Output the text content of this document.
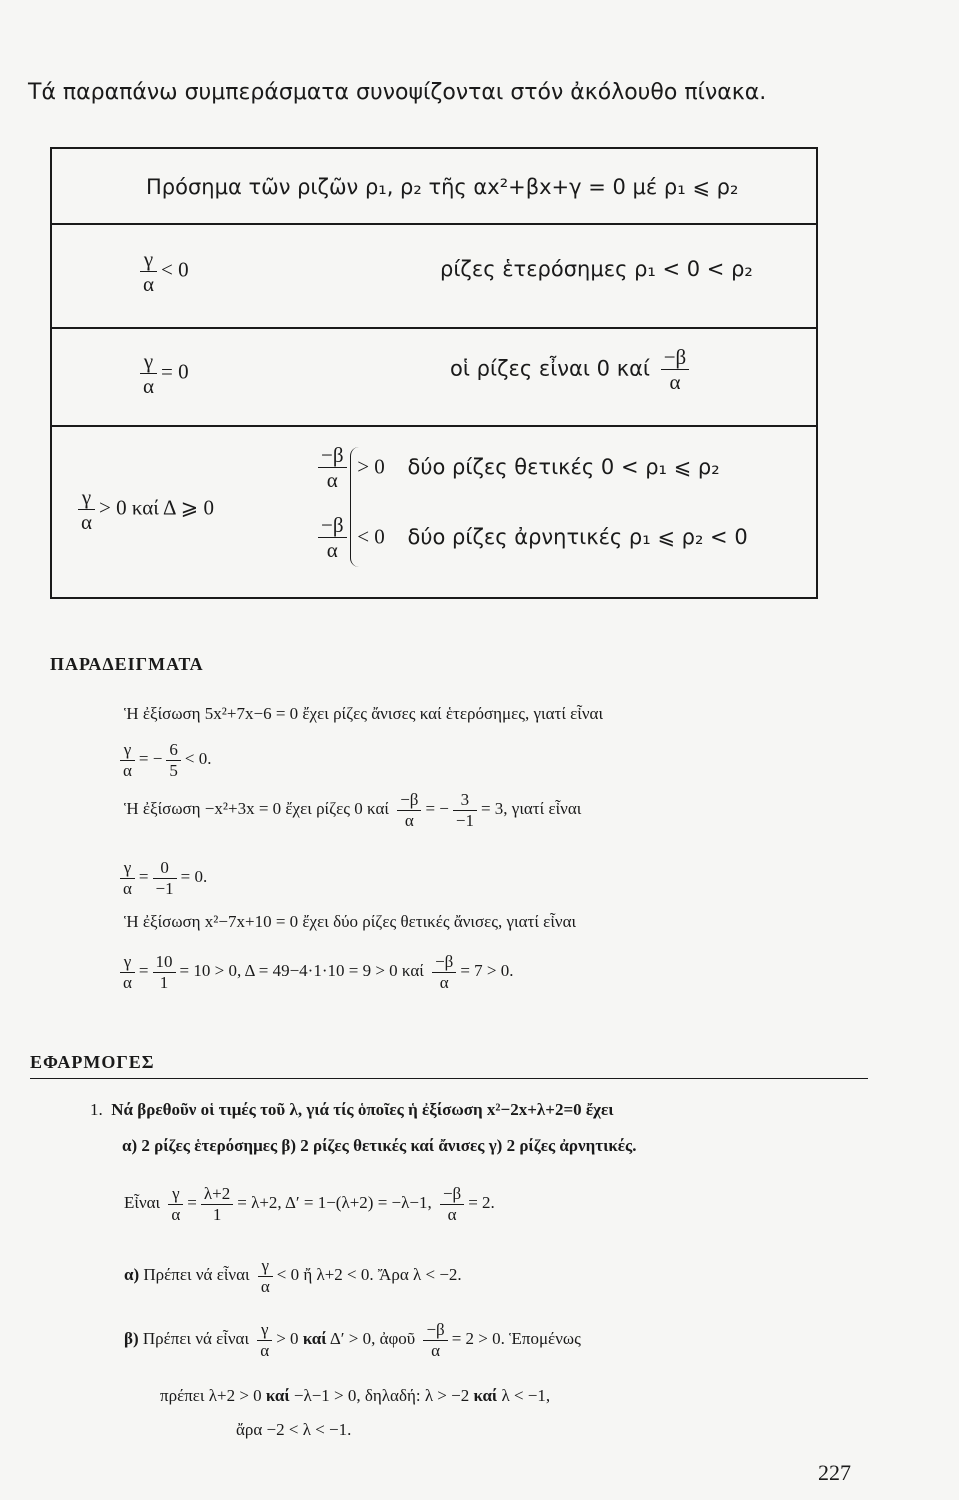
Τά παραπάνω συμπεράσματα συνοψίζονται στόν ἀκόλουθο πίνακα.
Πρόσημα τῶν ριζῶν ρ₁, ρ₂ τῆς αx²+βx+γ = 0 μέ ρ₁ ⩽ ρ₂
$\frac{\gamma}{\alpha} < 0$	ρίζες ἑτερόσημες ρ₁ < 0 < ρ₂
$\frac{\gamma}{\alpha} = 0$	οἱ ρίζες εἶναι 0 καί $\frac{-\beta}{\alpha}$
$\frac{\gamma}{\alpha} > 0$ καί Δ ⩾ 0
$\frac{-\beta}{\alpha} > 0$ δύο ρίζες θετικές 0 < ρ₁ ⩽ ρ₂
$\frac{-\beta}{\alpha} < 0$ δύο ρίζες ἀρνητικές ρ₁ ⩽ ρ₂ < 0
ΠΑΡΑΔΕΙΓΜΑΤΑ
Ἡ ἐξίσωση 5x²+7x−6 = 0 ἔχει ρίζες ἄνισες καί ἑτερόσημες, γιατί εἶναι
$\frac{\gamma}{\alpha}$ = − $\frac{6}{5} < 0$.
Ἡ ἐξίσωση −x²+3x = 0 ἔχει ρίζες 0 καί $\frac{-\beta}{\alpha}$ = − $\frac{3}{-1} = 3$, γιατί εἶναι
$\frac{\gamma}{\alpha} = \frac{0}{-1} = 0$.
Ἡ ἐξίσωση x²−7x+10 = 0 ἔχει δύο ρίζες θετικές ἄνισες, γιατί εἶναι
$\frac{\gamma}{\alpha} = \frac{10}{1} = 10 > 0$, Δ = 49−4·1·10 = 9 > 0 καί $\frac{-\beta}{\alpha} = 7 > 0$.
ΕΦΑΡΜΟΓΕΣ
1. Νά βρεθοῦν οἱ τιμές τοῦ λ, γιά τίς ὁποῖες ἡ ἐξίσωση x²−2x+λ+2=0 ἔχει
α) 2 ρίζες ἑτερόσημες β) 2 ρίζες θετικές καί ἄνισες γ) 2 ρίζες ἀρνητικές.
Εἶναι $\frac{\gamma}{\alpha} = \frac{\lambda+2}{1} = \lambda+2$, Δ′ = 1−(λ+2) = −λ−1, $\frac{-\beta}{\alpha} = 2$.
α) Πρέπει νά εἶναι $\frac{\gamma}{\alpha} < 0$ ἤ λ+2 < 0. Ἄρα λ < −2.
β) Πρέπει νά εἶναι $\frac{\gamma}{\alpha} > 0$ καί Δ′ > 0, ἀφοῦ $\frac{-\beta}{\alpha} = 2 > 0$. Ἑπομένως
πρέπει λ+2 > 0 καί −λ−1 > 0, δηλαδή: λ > −2 καί λ < −1,
ἄρα −2 < λ < −1.
227
